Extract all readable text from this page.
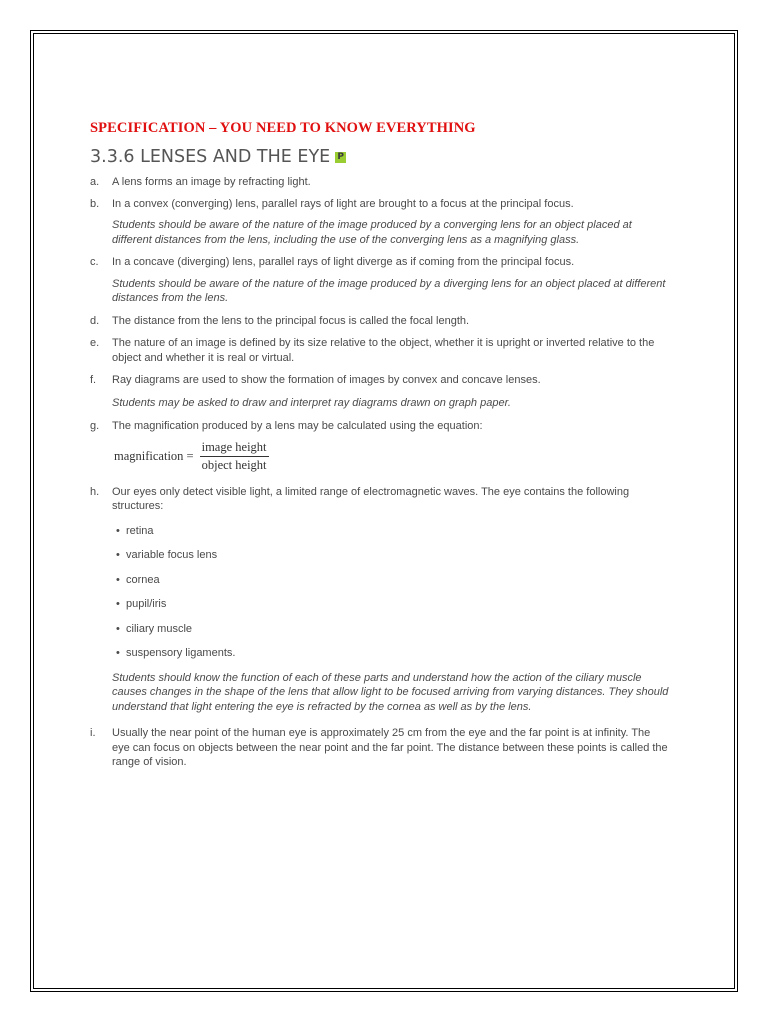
SPECIFICATION – YOU NEED TO KNOW EVERYTHING
3.3.6 LENSES AND THE EYE P
a.	A lens forms an image by refracting light.
b.	In a convex (converging) lens, parallel rays of light are brought to a focus at the principal focus.
Students should be aware of the nature of the image produced by a converging lens for an object placed at different distances from the lens, including the use of the converging lens as a magnifying glass.
c.	In a concave (diverging) lens, parallel rays of light diverge as if coming from the principal focus.
Students should be aware of the nature of the image produced by a diverging lens for an object placed at different distances from the lens.
d.	The distance from the lens to the principal focus is called the focal length.
e.	The nature of an image is defined by its size relative to the object, whether it is upright or inverted relative to the object and whether it is real or virtual.
f.	Ray diagrams are used to show the formation of images by convex and concave lenses.
Students may be asked to draw and interpret ray diagrams drawn on graph paper.
g.	The magnification produced by a lens may be calculated using the equation:
magnification = $\frac{\text{image height}}{\text{object height}}$
h.	Our eyes only detect visible light, a limited range of electromagnetic waves. The eye contains the following structures:
• retina
• variable focus lens
• cornea
• pupil/iris
• ciliary muscle
• suspensory ligaments.
Students should know the function of each of these parts and understand how the action of the ciliary muscle causes changes in the shape of the lens that allow light to be focused arriving from varying distances. They should understand that light entering the eye is refracted by the cornea as well as by the lens.
i.	Usually the near point of the human eye is approximately 25 cm from the eye and the far point is at infinity. The eye can focus on objects between the near point and the far point. The distance between these points is called the range of vision.
